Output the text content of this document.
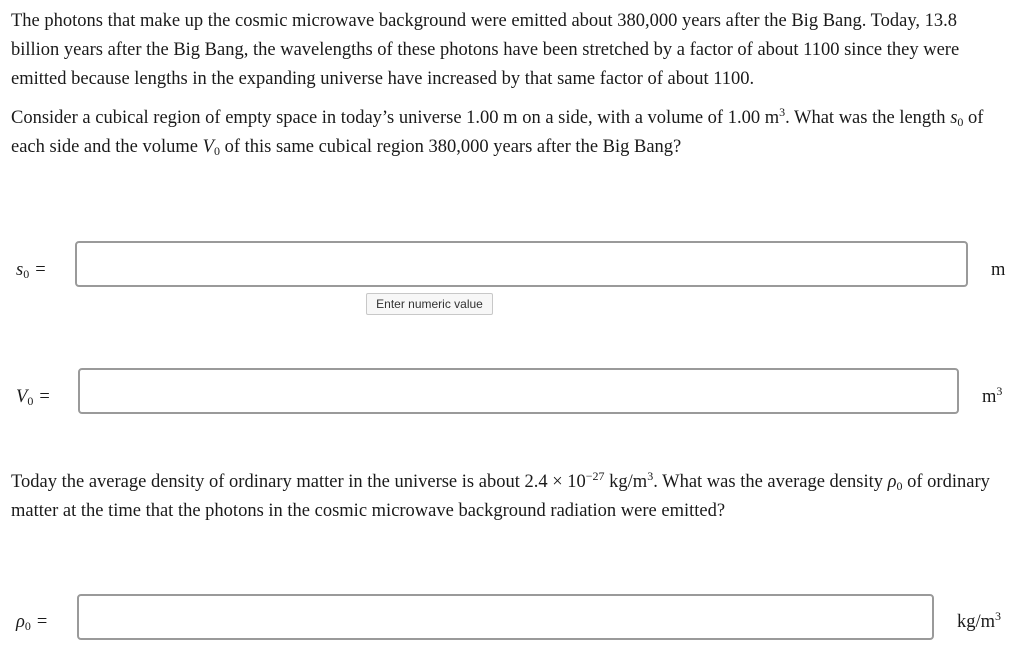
The photons that make up the cosmic microwave background were emitted about 380,000 years after the Big Bang. Today, 13.8 billion years after the Big Bang, the wavelengths of these photons have been stretched by a factor of about 1100 since they were emitted because lengths in the expanding universe have increased by that same factor of about 1100.

Consider a cubical region of empty space in today’s universe 1.00 m on a side, with a volume of 1.00 $m^3$. What was the length $s_0$ of each side and the volume $V_0$ of this same cubical region 380,000 years after the Big Bang?

$s_0$ =	m
Enter numeric value
$V_0$ =	$m^3$

Today the average density of ordinary matter in the universe is about $2.4 \times 10^{-27}$ $kg/m^3$. What was the average density $\rho_0$ of ordinary matter at the time that the photons in the cosmic microwave background radiation were emitted?

$\rho_0$ =	$kg/m^3$
